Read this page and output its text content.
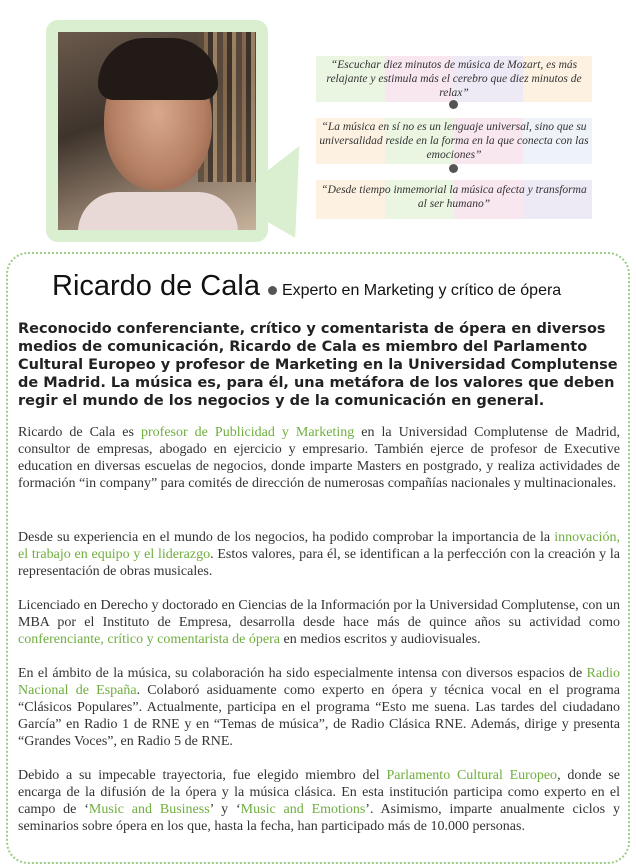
“Escuchar diez minutos de música de Mozart, es más relajante y estimula más el cerebro que diez minutos de relax”
“La música en sí no es un lenguaje universal, sino que su universalidad reside en la forma en la que conecta con las emociones”
“Desde tiempo inmemorial la música afecta y transforma al ser humano”
Ricardo de Cala Experto en Marketing y crítico de ópera
Reconocido conferenciante, crítico y comentarista de ópera en diversos medios de comunicación, Ricardo de Cala es miembro del Parlamento Cultural Europeo y profesor de Marketing en la Universidad Complutense de Madrid. La música es, para él, una metáfora de los valores que deben regir el mundo de los negocios y de la comunicación en general.
Ricardo de Cala es profesor de Publicidad y Marketing en la Universidad Complutense de Madrid, consultor de empresas, abogado en ejercicio y empresario. También ejerce de profesor de Executive education en diversas escuelas de negocios, donde imparte Masters en postgrado, y realiza actividades de formación “in company” para comités de dirección de numerosas compañías nacionales y multinacionales.
Desde su experiencia en el mundo de los negocios, ha podido comprobar la importancia de la innovación, el trabajo en equipo y el liderazgo. Estos valores, para él, se identifican a la perfección con la creación y la representación de obras musicales.
Licenciado en Derecho y doctorado en Ciencias de la Información por la Universidad Complutense, con un MBA por el Instituto de Empresa, desarrolla desde hace más de quince años su actividad como conferenciante, crítico y comentarista de ópera en medios escritos y audiovisuales.
En el ámbito de la música, su colaboración ha sido especialmente intensa con diversos espacios de Radio Nacional de España. Colaboró asiduamente como experto en ópera y técnica vocal en el programa “Clásicos Populares”. Actualmente, participa en el programa “Esto me suena. Las tardes del ciudadano García” en Radio 1 de RNE y en “Temas de música”, de Radio Clásica RNE. Además, dirige y presenta “Grandes Voces”, en Radio 5 de RNE.
Debido a su impecable trayectoria, fue elegido miembro del Parlamento Cultural Europeo, donde se encarga de la difusión de la ópera y la música clásica. En esta institución participa como experto en el campo de ‘Music and Business’ y ‘Music and Emotions’. Asimismo, imparte anualmente ciclos y seminarios sobre ópera en los que, hasta la fecha, han participado más de 10.000 personas.
